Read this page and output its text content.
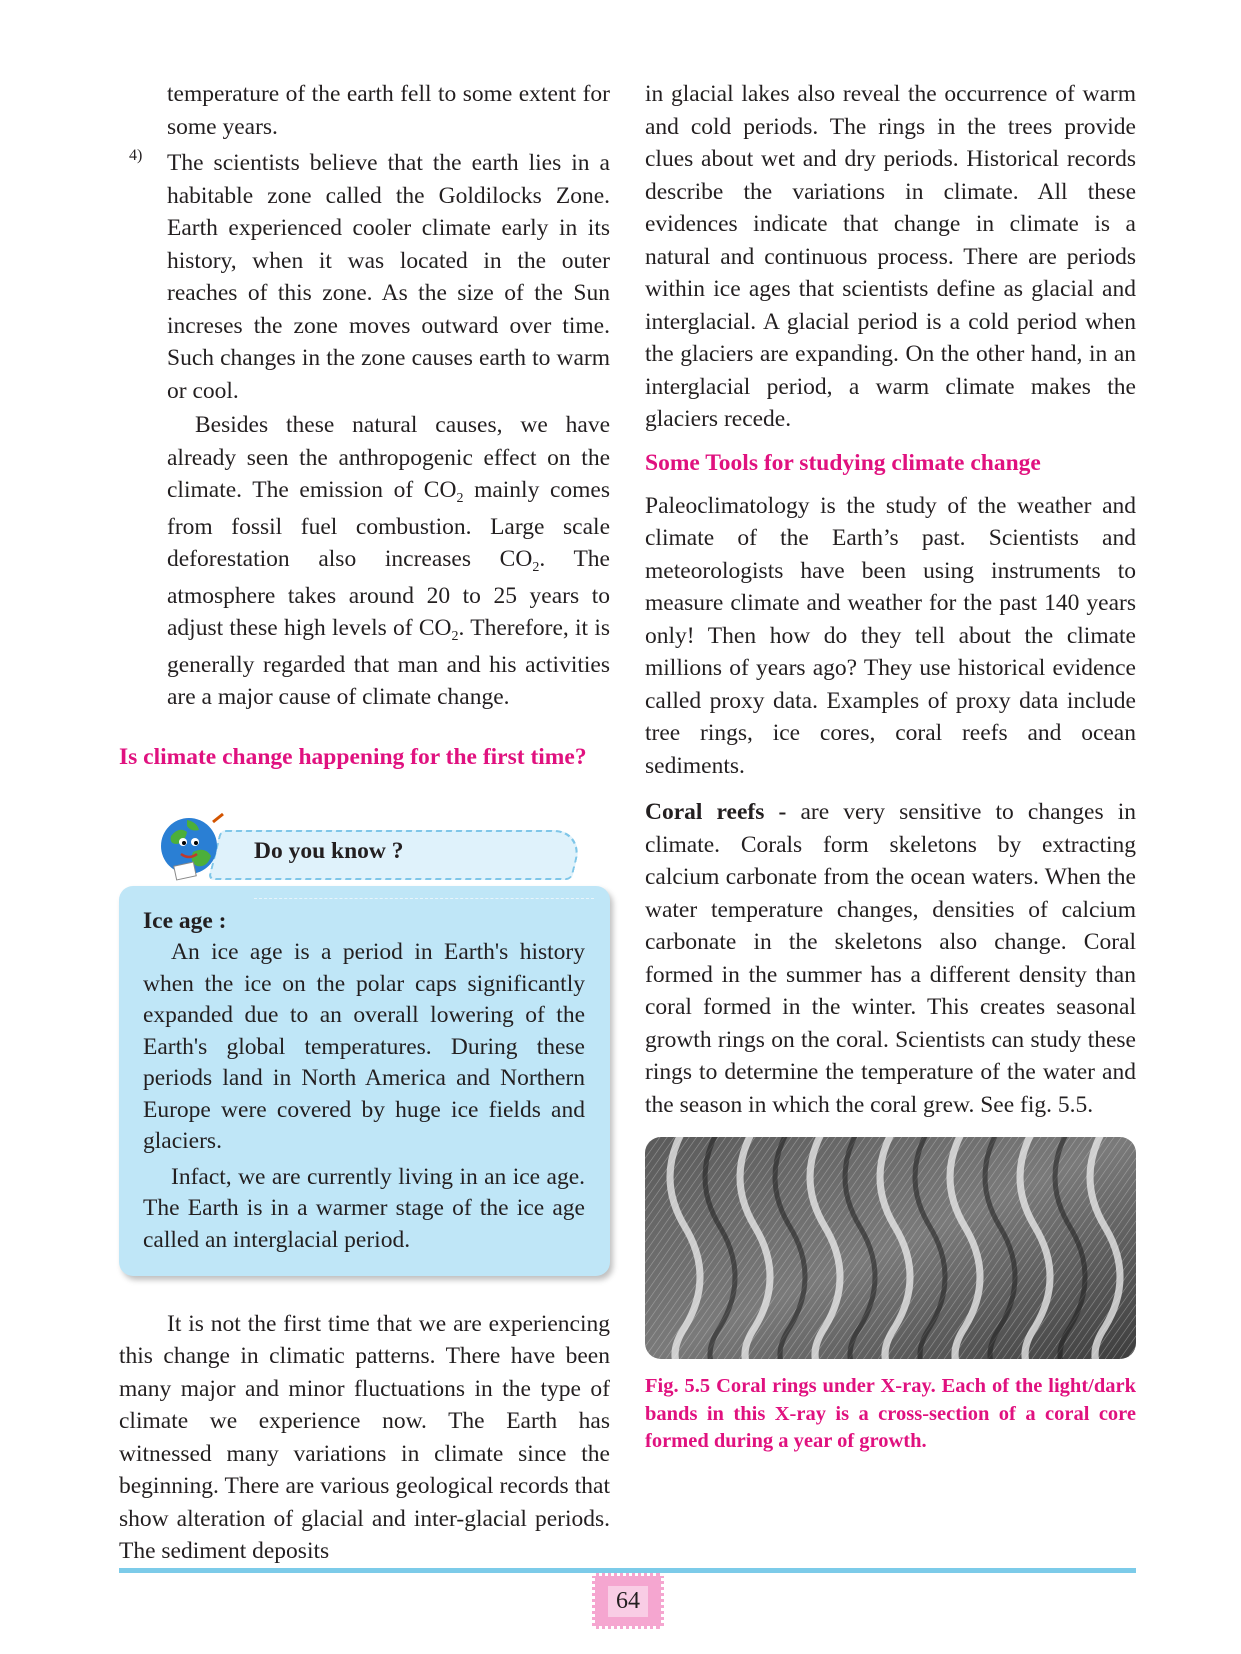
temperature of the earth fell to some extent for some years.

4) The scientists believe that the earth lies in a habitable zone called the Goldilocks Zone. Earth experienced cooler climate early in its history, when it was located in the outer reaches of this zone. As the size of the Sun increses the zone moves outward over time. Such changes in the zone causes earth to warm or cool.

Besides these natural causes, we have already seen the anthropogenic effect on the climate. The emission of $CO_2$ mainly comes from fossil fuel combustion. Large scale deforestation also increases $CO_2$. The atmosphere takes around 20 to 25 years to adjust these high levels of $CO_2$. Therefore, it is generally regarded that man and his activities are a major cause of climate change.

Is climate change happening for the first time?
Do you know ?

Ice age :

An ice age is a period in Earth's history when the ice on the polar caps significantly expanded due to an overall lowering of the Earth's global temperatures. During these periods land in North America and Northern Europe were covered by huge ice fields and glaciers.

Infact, we are currently living in an ice age. The Earth is in a warmer stage of the ice age called an interglacial period.

It is not the first time that we are experiencing this change in climatic patterns. There have been many major and minor fluctuations in the type of climate we experience now. The Earth has witnessed many variations in climate since the beginning. There are various geological records that show alteration of glacial and inter-glacial periods. The sediment deposits

in glacial lakes also reveal the occurrence of warm and cold periods. The rings in the trees provide clues about wet and dry periods. Historical records describe the variations in climate. All these evidences indicate that change in climate is a natural and continuous process. There are periods within ice ages that scientists define as glacial and interglacial. A glacial period is a cold period when the glaciers are expanding. On the other hand, in an interglacial period, a warm climate makes the glaciers recede.

Some Tools for studying climate change

Paleoclimatology is the study of the weather and climate of the Earth’s past. Scientists and meteorologists have been using instruments to measure climate and weather for the past 140 years only! Then how do they tell about the climate millions of years ago? They use historical evidence called proxy data. Examples of proxy data include tree rings, ice cores, coral reefs and ocean sediments.

Coral reefs - are very sensitive to changes in climate. Corals form skeletons by extracting calcium carbonate from the ocean waters. When the water temperature changes, densities of calcium carbonate in the skeletons also change. Coral formed in the summer has a different density than coral formed in the winter. This creates seasonal growth rings on the coral. Scientists can study these rings to determine the temperature of the water and the season in which the coral grew. See fig. 5.5.

Fig. 5.5 Coral rings under X-ray. Each of the light/dark bands in this X-ray is a cross-section of a coral core formed during a year of growth.

64
